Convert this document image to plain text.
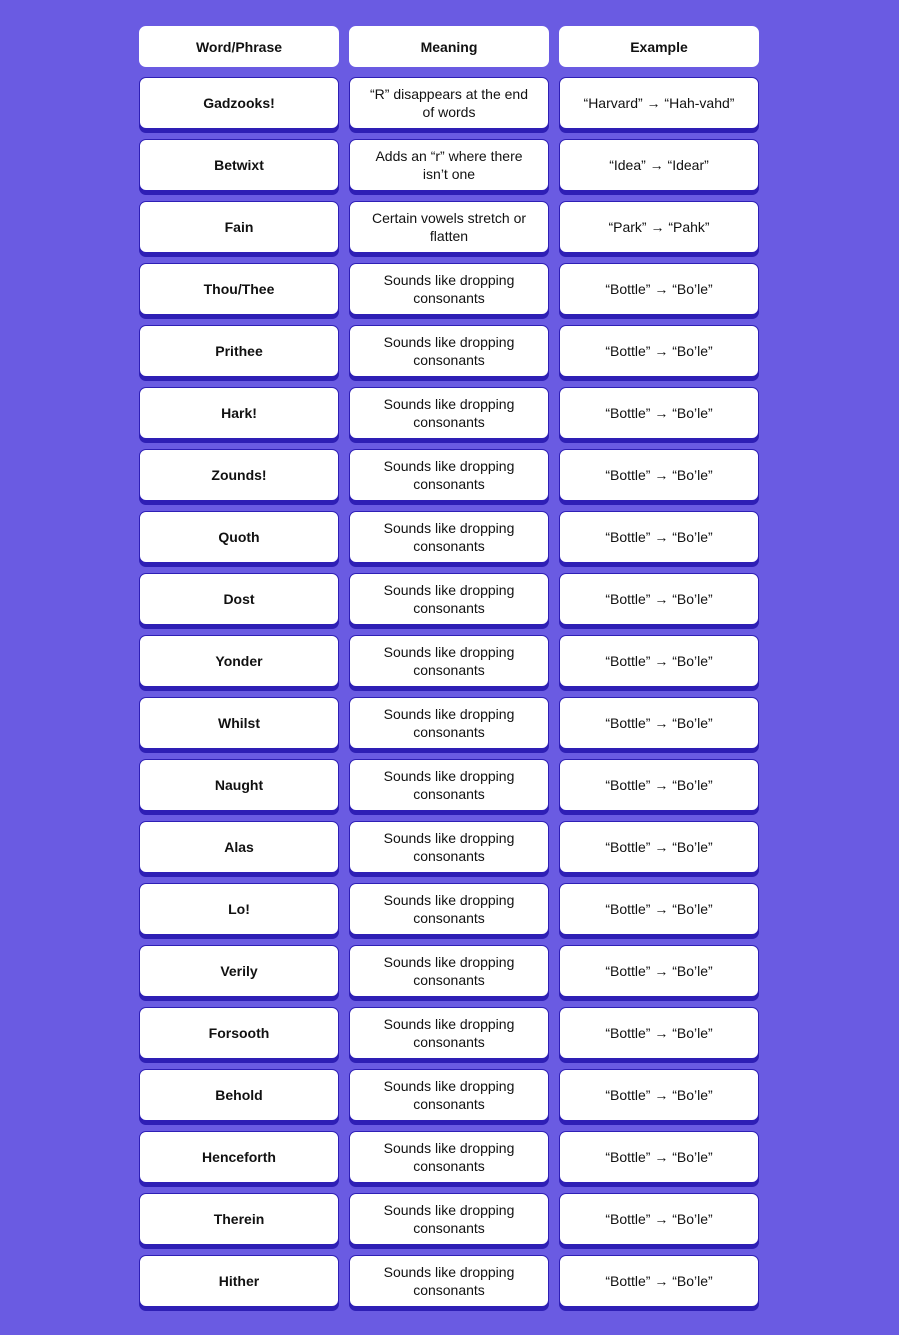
Word/Phrase	Meaning	Example
Gadzooks!
“R” disappears at the end of words
“Harvard” → “Hah-vahd”
Betwixt
Adds an “r” where there isn’t one
“Idea” → “Idear”
Fain
Certain vowels stretch or flatten
“Park” → “Pahk”
Thou/Thee
Sounds like dropping consonants
“Bottle” → “Bo’le”
Prithee
Sounds like dropping consonants
“Bottle” → “Bo’le”
Hark!
Sounds like dropping consonants
“Bottle” → “Bo’le”
Zounds!
Sounds like dropping consonants
“Bottle” → “Bo’le”
Quoth
Sounds like dropping consonants
“Bottle” → “Bo’le”
Dost
Sounds like dropping consonants
“Bottle” → “Bo’le”
Yonder
Sounds like dropping consonants
“Bottle” → “Bo’le”
Whilst
Sounds like dropping consonants
“Bottle” → “Bo’le”
Naught
Sounds like dropping consonants
“Bottle” → “Bo’le”
Alas
Sounds like dropping consonants
“Bottle” → “Bo’le”
Lo!
Sounds like dropping consonants
“Bottle” → “Bo’le”
Verily
Sounds like dropping consonants
“Bottle” → “Bo’le”
Forsooth
Sounds like dropping consonants
“Bottle” → “Bo’le”
Behold
Sounds like dropping consonants
“Bottle” → “Bo’le”
Henceforth
Sounds like dropping consonants
“Bottle” → “Bo’le”
Therein
Sounds like dropping consonants
“Bottle” → “Bo’le”
Hither
Sounds like dropping consonants
“Bottle” → “Bo’le”
